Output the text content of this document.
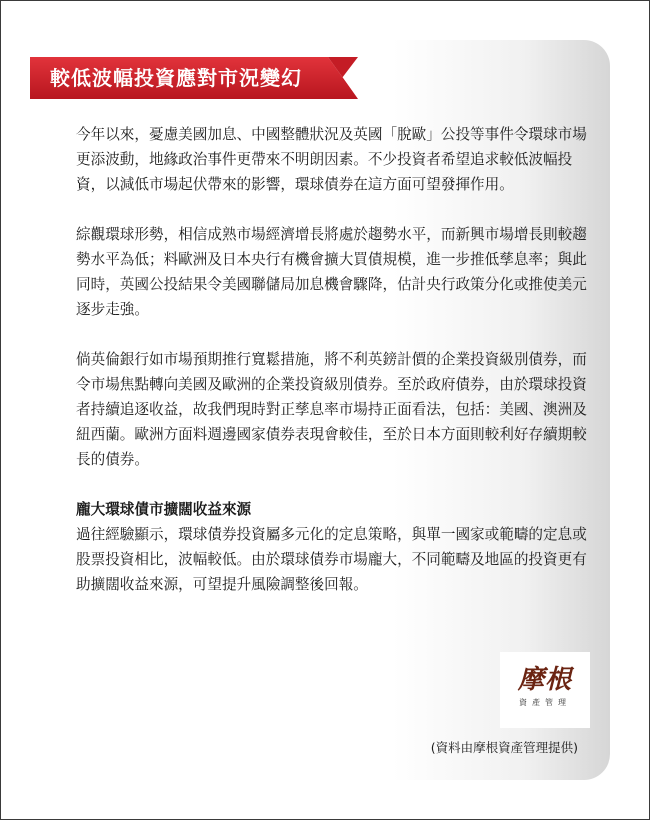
較低波幅投資應對市況變幻

今年以來，憂慮美國加息、中國整體狀況及英國「脫歐」公投等事件令環球市場更添波動，地緣政治事件更帶來不明朗因素。不少投資者希望追求較低波幅投資，以減低市場起伏帶來的影響，環球債券在這方面可望發揮作用。

綜觀環球形勢，相信成熟市場經濟增長將處於趨勢水平，而新興市場增長則較趨勢水平為低；料歐洲及日本央行有機會擴大買債規模，進一步推低孳息率；與此同時，英國公投結果令美國聯儲局加息機會驟降，估計央行政策分化或推使美元逐步走強。

倘英倫銀行如市場預期推行寬鬆措施，將不利英鎊計價的企業投資級別債券，而令市場焦點轉向美國及歐洲的企業投資級別債券。至於政府債券，由於環球投資者持續追逐收益，故我們現時對正孳息率市場持正面看法，包括：美國、澳洲及紐西蘭。歐洲方面料週邊國家債券表現會較佳，至於日本方面則較利好存續期較長的債券。

龐大環球債市擴闊收益來源

過往經驗顯示，環球債券投資屬多元化的定息策略，與單一國家或範疇的定息或股票投資相比，波幅較低。由於環球債券市場龐大，不同範疇及地區的投資更有助擴闊收益來源，可望提升風險調整後回報。

摩根
資產管理
(資料由摩根資產管理提供)
